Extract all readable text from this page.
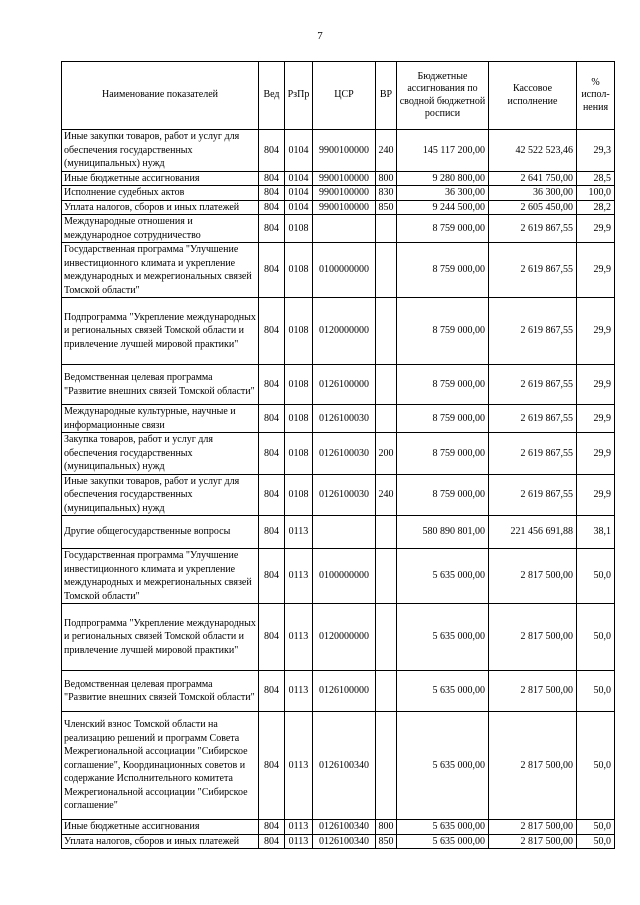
7
Наименование показателей	Вед	РзПр	ЦСР	ВР	Бюджетные ассигнования по сводной бюджетной росписи	Кассовое исполнение	% испол-нения
Иные закупки товаров, работ и услуг для обеспечения государственных (муниципальных) нужд	804	0104	9900100000	240	145 117 200,00	42 522 523,46	29,3
Иные бюджетные ассигнования	804	0104	9900100000	800	9 280 800,00	2 641 750,00	28,5
Исполнение судебных актов	804	0104	9900100000	830	36 300,00	36 300,00	100,0
Уплата налогов, сборов и иных платежей	804	0104	9900100000	850	9 244 500,00	2 605 450,00	28,2
Международные отношения и международное сотрудничество	804	0108			8 759 000,00	2 619 867,55	29,9
Государственная программа "Улучшение инвестиционного климата и укрепление международных и межрегиональных связей Томской области"	804	0108	0100000000		8 759 000,00	2 619 867,55	29,9
Подпрограмма "Укрепление международных и региональных связей Томской области и привлечение лучшей мировой практики"	804	0108	0120000000		8 759 000,00	2 619 867,55	29,9
Ведомственная целевая программа "Развитие внешних связей Томской области"	804	0108	0126100000		8 759 000,00	2 619 867,55	29,9
Международные культурные, научные и информационные связи	804	0108	0126100030		8 759 000,00	2 619 867,55	29,9
Закупка товаров, работ и услуг для обеспечения государственных (муниципальных) нужд	804	0108	0126100030	200	8 759 000,00	2 619 867,55	29,9
Иные закупки товаров, работ и услуг для обеспечения государственных (муниципальных) нужд	804	0108	0126100030	240	8 759 000,00	2 619 867,55	29,9
Другие общегосударственные вопросы	804	0113			580 890 801,00	221 456 691,88	38,1
Государственная программа "Улучшение инвестиционного климата и укрепление международных и межрегиональных связей Томской области"	804	0113	0100000000		5 635 000,00	2 817 500,00	50,0
Подпрограмма "Укрепление международных и региональных связей Томской области и привлечение лучшей мировой практики"	804	0113	0120000000		5 635 000,00	2 817 500,00	50,0
Ведомственная целевая программа "Развитие внешних связей Томской области"	804	0113	0126100000		5 635 000,00	2 817 500,00	50,0
Членский взнос Томской области на реализацию решений и программ Совета Межрегиональной ассоциации "Сибирское соглашение", Координационных советов и содержание Исполнительного комитета Межрегиональной ассоциации "Сибирское соглашение"	804	0113	0126100340		5 635 000,00	2 817 500,00	50,0
Иные бюджетные ассигнования	804	0113	0126100340	800	5 635 000,00	2 817 500,00	50,0
Уплата налогов, сборов и иных платежей	804	0113	0126100340	850	5 635 000,00	2 817 500,00	50,0
